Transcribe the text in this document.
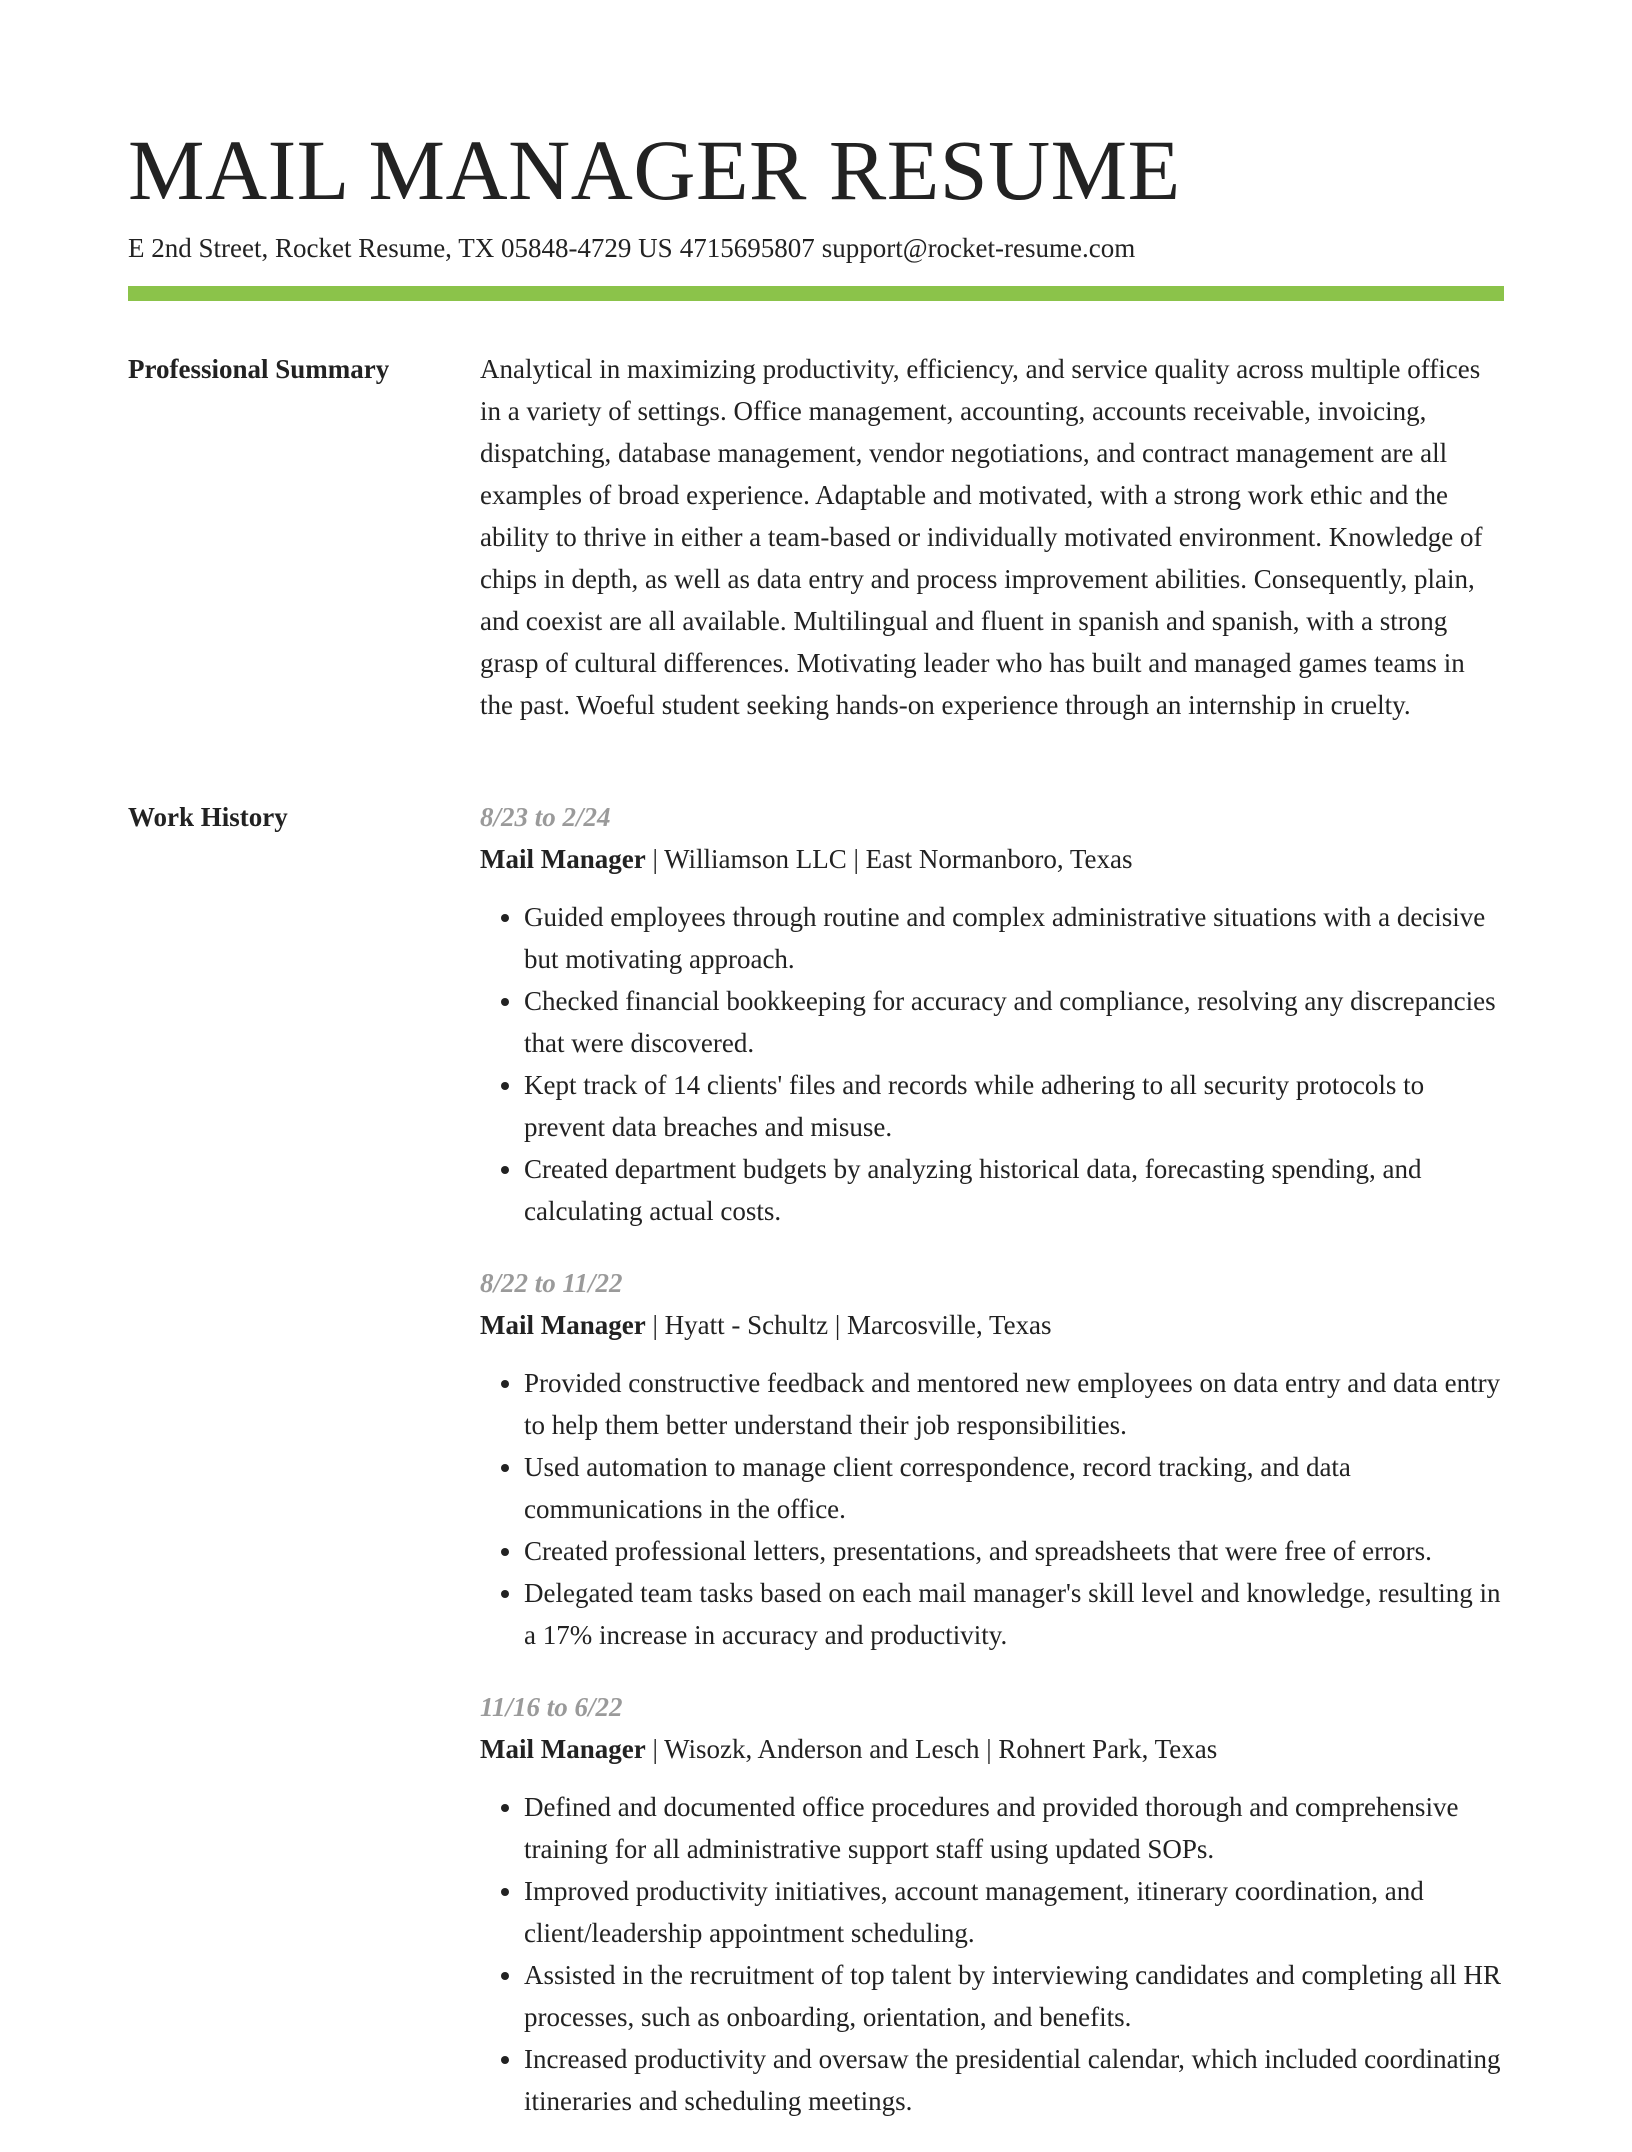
MAIL MANAGER RESUME
E 2nd Street, Rocket Resume, TX 05848-4729 US 4715695807 support@rocket-resume.com
Professional Summary	Analytical in maximizing productivity, efficiency, and service quality across multiple offices in a variety of settings. Office management, accounting, accounts receivable, invoicing, dispatching, database management, vendor negotiations, and contract management are all examples of broad experience. Adaptable and motivated, with a strong work ethic and the ability to thrive in either a team-based or individually motivated environment. Knowledge of chips in depth, as well as data entry and process improvement abilities. Consequently, plain, and coexist are all available. Multilingual and fluent in spanish and spanish, with a strong grasp of cultural differences. Motivating leader who has built and managed games teams in the past. Woeful student seeking hands-on experience through an internship in cruelty.

Work History	8/23 to 2/24
Mail Manager | Williamson LLC | East Normanboro, Texas
• Guided employees through routine and complex administrative situations with a decisive but motivating approach.
• Checked financial bookkeeping for accuracy and compliance, resolving any discrepancies that were discovered.
• Kept track of 14 clients' files and records while adhering to all security protocols to prevent data breaches and misuse.
• Created department budgets by analyzing historical data, forecasting spending, and calculating actual costs.
8/22 to 11/22
Mail Manager | Hyatt - Schultz | Marcosville, Texas
• Provided constructive feedback and mentored new employees on data entry and data entry to help them better understand their job responsibilities.
• Used automation to manage client correspondence, record tracking, and data communications in the office.
• Created professional letters, presentations, and spreadsheets that were free of errors.
• Delegated team tasks based on each mail manager's skill level and knowledge, resulting in a 17% increase in accuracy and productivity.
11/16 to 6/22
Mail Manager | Wisozk, Anderson and Lesch | Rohnert Park, Texas
• Defined and documented office procedures and provided thorough and comprehensive training for all administrative support staff using updated SOPs.
• Improved productivity initiatives, account management, itinerary coordination, and client/leadership appointment scheduling.
• Assisted in the recruitment of top talent by interviewing candidates and completing all HR processes, such as onboarding, orientation, and benefits.
• Increased productivity and oversaw the presidential calendar, which included coordinating itineraries and scheduling meetings.
